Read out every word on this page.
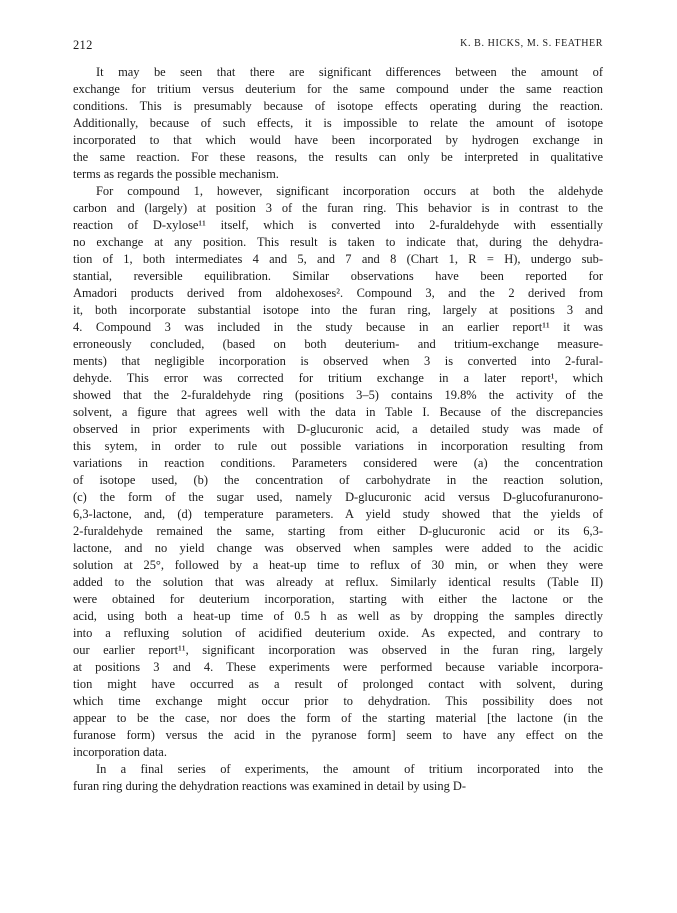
212	K. B. HICKS, M. S. FEATHER
It may be seen that there are significant differences between the amount of
exchange for tritium versus deuterium for the same compound under the same reaction
conditions. This is presumably because of isotope effects operating during the reaction.
Additionally, because of such effects, it is impossible to relate the amount of isotope
incorporated to that which would have been incorporated by hydrogen exchange in
the same reaction. For these reasons, the results can only be interpreted in qualitative
terms as regards the possible mechanism.
For compound 1, however, significant incorporation occurs at both the aldehyde
carbon and (largely) at position 3 of the furan ring. This behavior is in contrast to the
reaction of D-xylose¹¹ itself, which is converted into 2-furaldehyde with essentially
no exchange at any position. This result is taken to indicate that, during the dehydra-
tion of 1, both intermediates 4 and 5, and 7 and 8 (Chart 1, R = H), undergo sub-
stantial, reversible equilibration. Similar observations have been reported for
Amadori products derived from aldohexoses². Compound 3, and the 2 derived from
it, both incorporate substantial isotope into the furan ring, largely at positions 3 and
4. Compound 3 was included in the study because in an earlier report¹¹ it was
erroneously concluded, (based on both deuterium- and tritium-exchange measure-
ments) that negligible incorporation is observed when 3 is converted into 2-fural-
dehyde. This error was corrected for tritium exchange in a later report¹, which
showed that the 2-furaldehyde ring (positions 3–5) contains 19.8% the activity of the
solvent, a figure that agrees well with the data in Table I. Because of the discrepancies
observed in prior experiments with D-glucuronic acid, a detailed study was made of
this sytem, in order to rule out possible variations in incorporation resulting from
variations in reaction conditions. Parameters considered were (a) the concentration
of isotope used, (b) the concentration of carbohydrate in the reaction solution,
(c) the form of the sugar used, namely D-glucuronic acid versus D-glucofuranurono-
6,3-lactone, and, (d) temperature parameters. A yield study showed that the yields of
2-furaldehyde remained the same, starting from either D-glucuronic acid or its 6,3-
lactone, and no yield change was observed when samples were added to the acidic
solution at 25°, followed by a heat-up time to reflux of 30 min, or when they were
added to the solution that was already at reflux. Similarly identical results (Table II)
were obtained for deuterium incorporation, starting with either the lactone or the
acid, using both a heat-up time of 0.5 h as well as by dropping the samples directly
into a refluxing solution of acidified deuterium oxide. As expected, and contrary to
our earlier report¹¹, significant incorporation was observed in the furan ring, largely
at positions 3 and 4. These experiments were performed because variable incorpora-
tion might have occurred as a result of prolonged contact with solvent, during
which time exchange might occur prior to dehydration. This possibility does not
appear to be the case, nor does the form of the starting material [the lactone (in the
furanose form) versus the acid in the pyranose form] seem to have any effect on the
incorporation data.
In a final series of experiments, the amount of tritium incorporated into the
furan ring during the dehydration reactions was examined in detail by using D-
